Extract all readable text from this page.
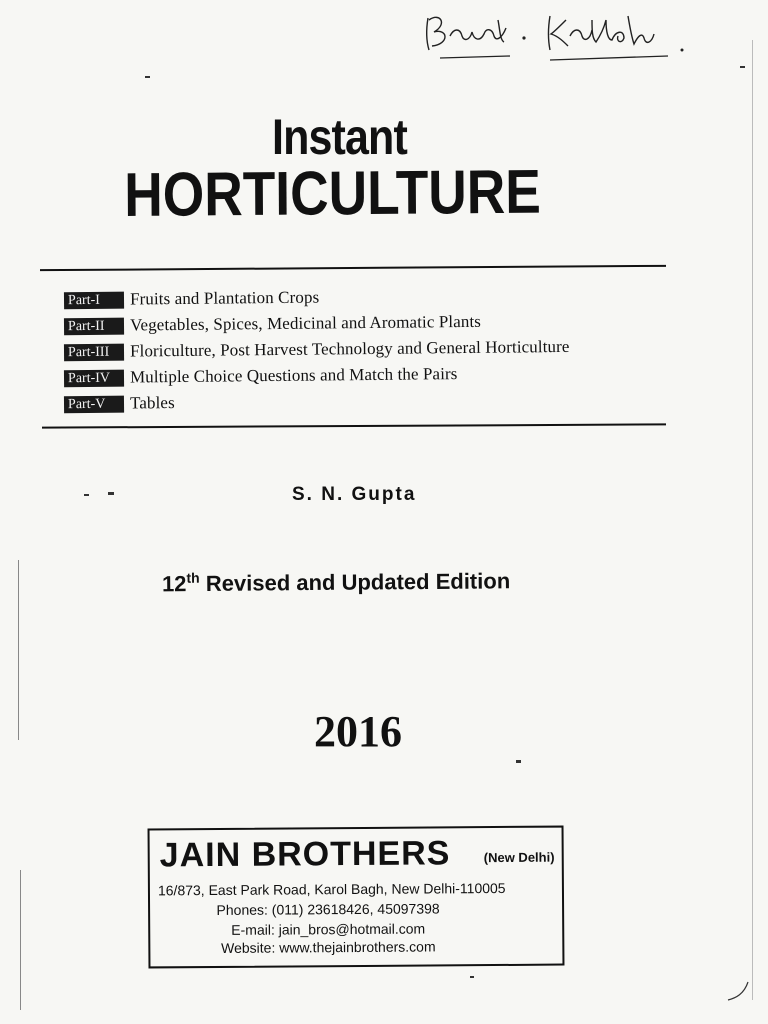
Instant
HORTICULTURE
Part-I	Fruits and Plantation Crops
Part-II	Vegetables, Spices, Medicinal and Aromatic Plants
Part-III	Floriculture, Post Harvest Technology and General Horticulture
Part-IV	Multiple Choice Questions and Match the Pairs
Part-V	Tables
S. N. Gupta
12th Revised and Updated Edition
2016
JAIN BROTHERS	(New Delhi)
16/873, East Park Road, Karol Bagh, New Delhi-110005
Phones: (011) 23618426, 45097398
E-mail: jain_bros@hotmail.com
Website: www.thejainbrothers.com
